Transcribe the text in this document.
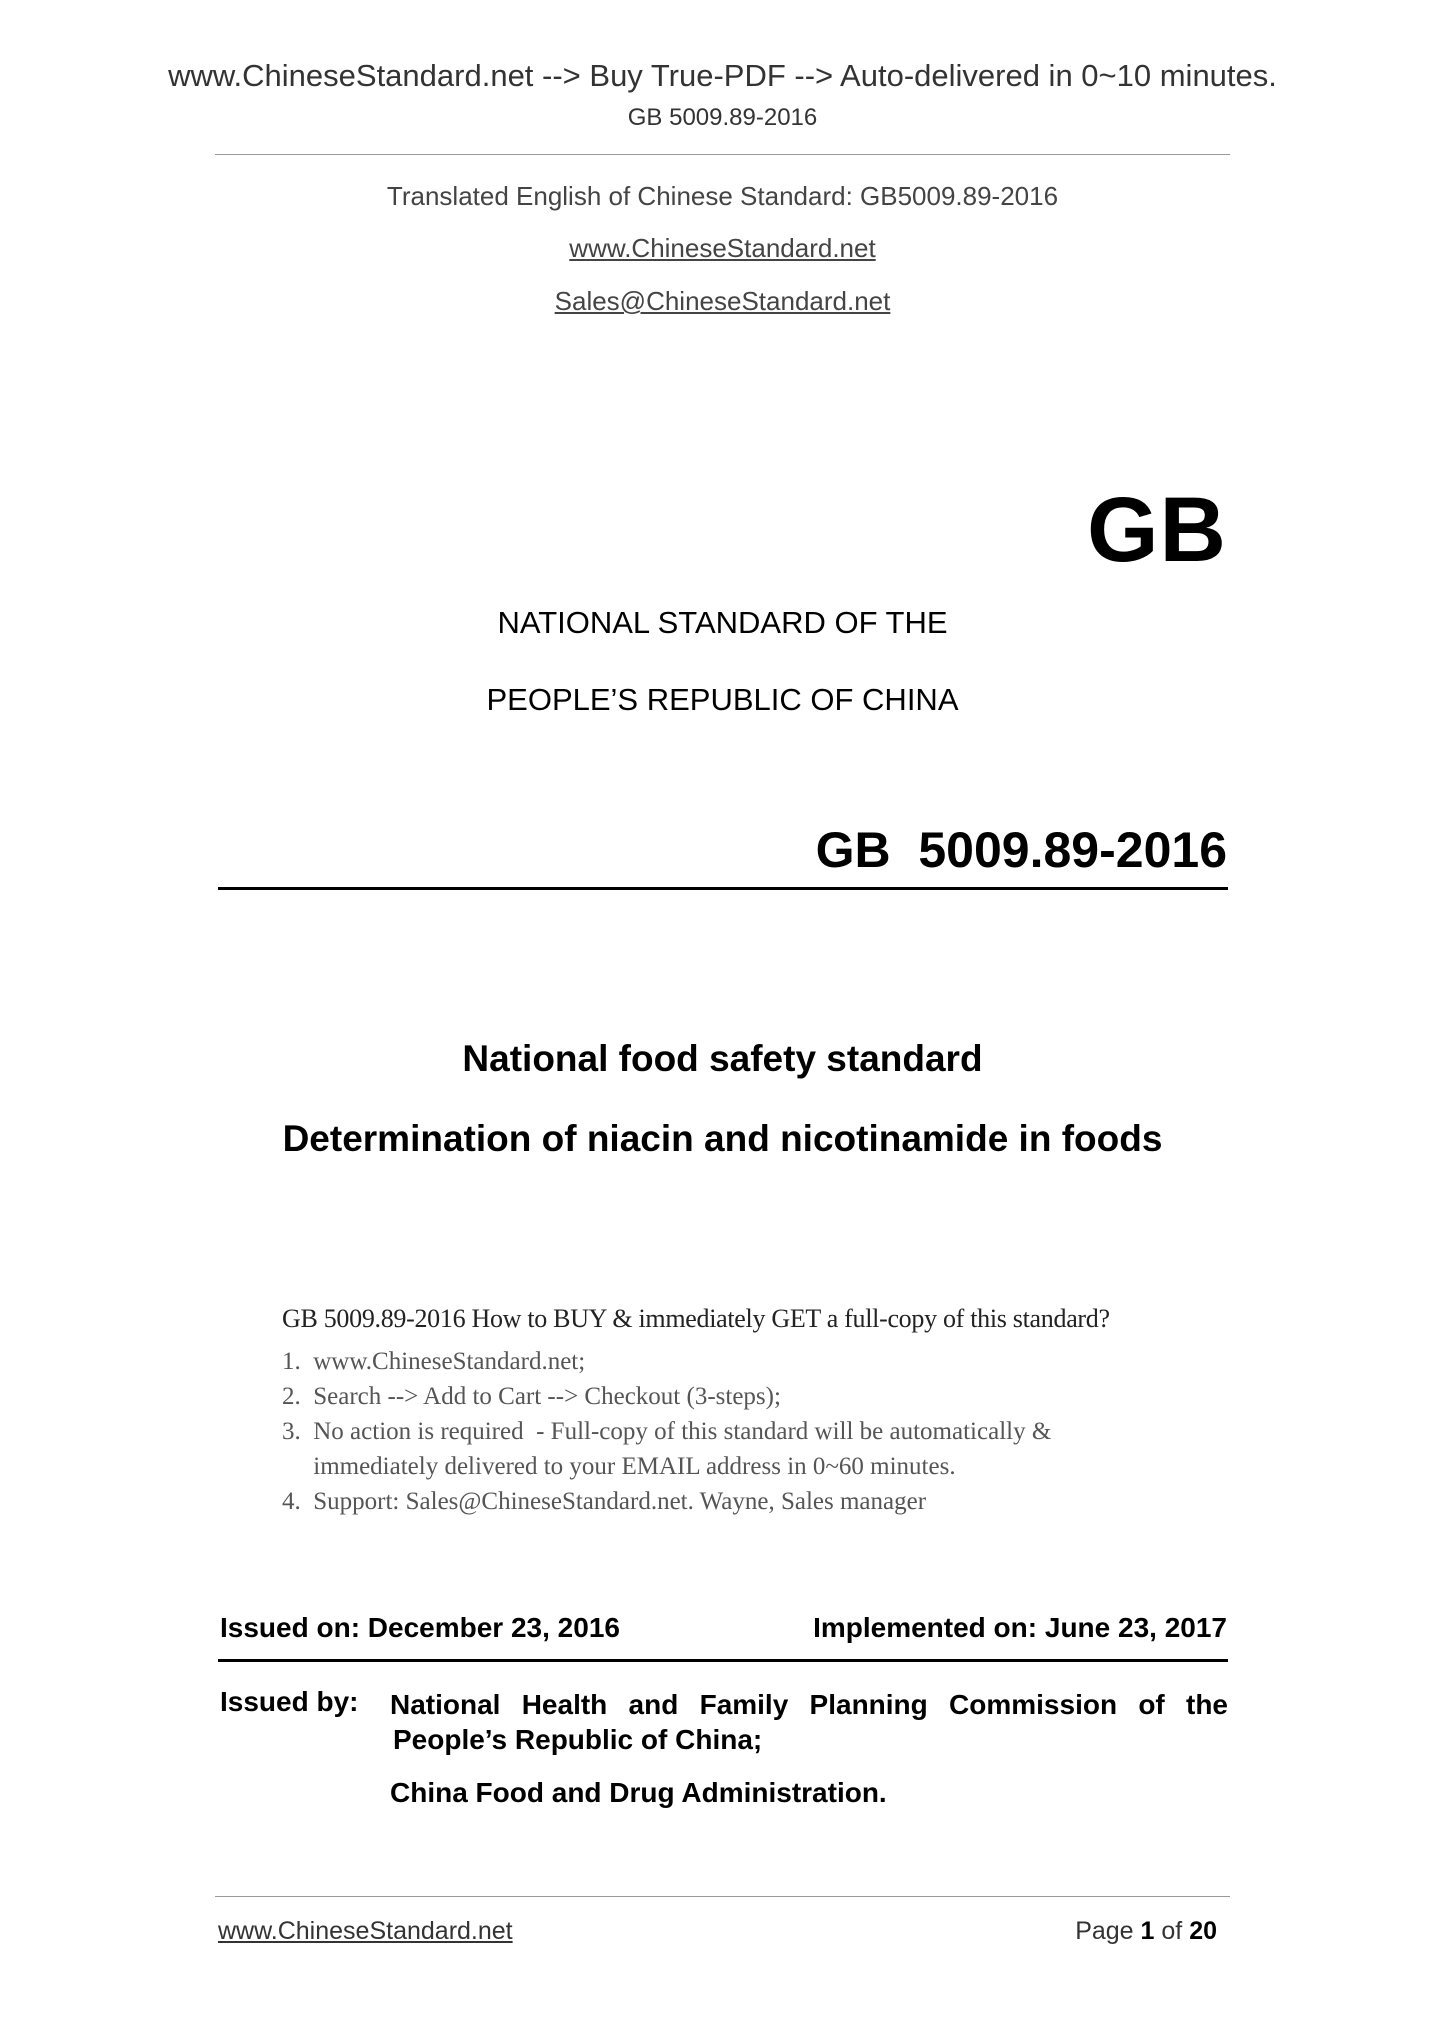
www.ChineseStandard.net --> Buy True-PDF --> Auto-delivered in 0~10 minutes.
GB 5009.89-2016
Translated English of Chinese Standard: GB5009.89-2016
www.ChineseStandard.net
Sales@ChineseStandard.net
GB
NATIONAL STANDARD OF THE
PEOPLE’S REPUBLIC OF CHINA
GB  5009.89-2016
National food safety standard
Determination of niacin and nicotinamide in foods
GB 5009.89-2016 How to BUY & immediately GET a full-copy of this standard?
1.  www.ChineseStandard.net;
2.  Search --> Add to Cart --> Checkout (3-steps);
3.  No action is required  - Full-copy of this standard will be automatically &
immediately delivered to your EMAIL address in 0~60 minutes.
4.  Support: Sales@ChineseStandard.net. Wayne, Sales manager
Issued on: December 23, 2016	Implemented on: June 23, 2017
Issued by: National Health and Family Planning Commission of the
People’s Republic of China;
China Food and Drug Administration.
www.ChineseStandard.net	Page 1 of 20
